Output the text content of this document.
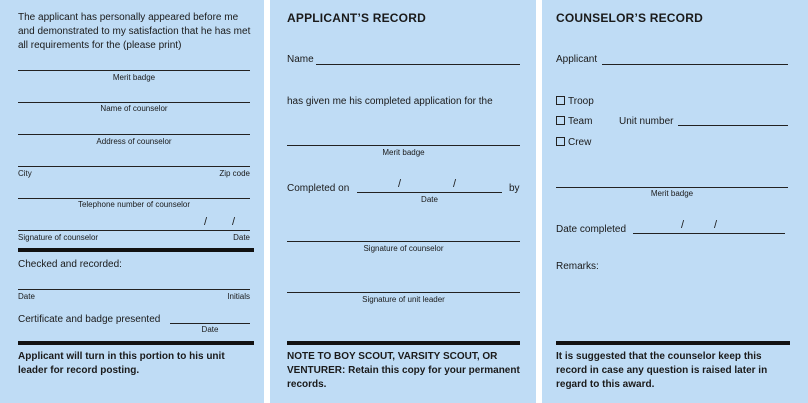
The applicant has personally appeared before me and demonstrated to my satisfaction that he has met all requirements for the (please print)
Merit badge
Name of counselor
Address of counselor
City	Zip code
Telephone number of counselor
/ /
Signature of counselor	Date
Checked and recorded:
Date	Initials
Certificate and badge presented
Date
Applicant will turn in this portion to his unit leader for record posting.
APPLICANT’S RECORD
Name
has given me his completed application for the
Merit badge
Completed on	/	/	by
Date
Signature of counselor
Signature of unit leader
NOTE TO BOY SCOUT, VARSITY SCOUT, OR VENTURER: Retain this copy for your permanent records.
COUNSELOR’S RECORD
Applicant
Troop
Team	Unit number
Crew
Merit badge
Date completed	/	/
Remarks:
It is suggested that the counselor keep this record in case any question is raised later in regard to this award.
